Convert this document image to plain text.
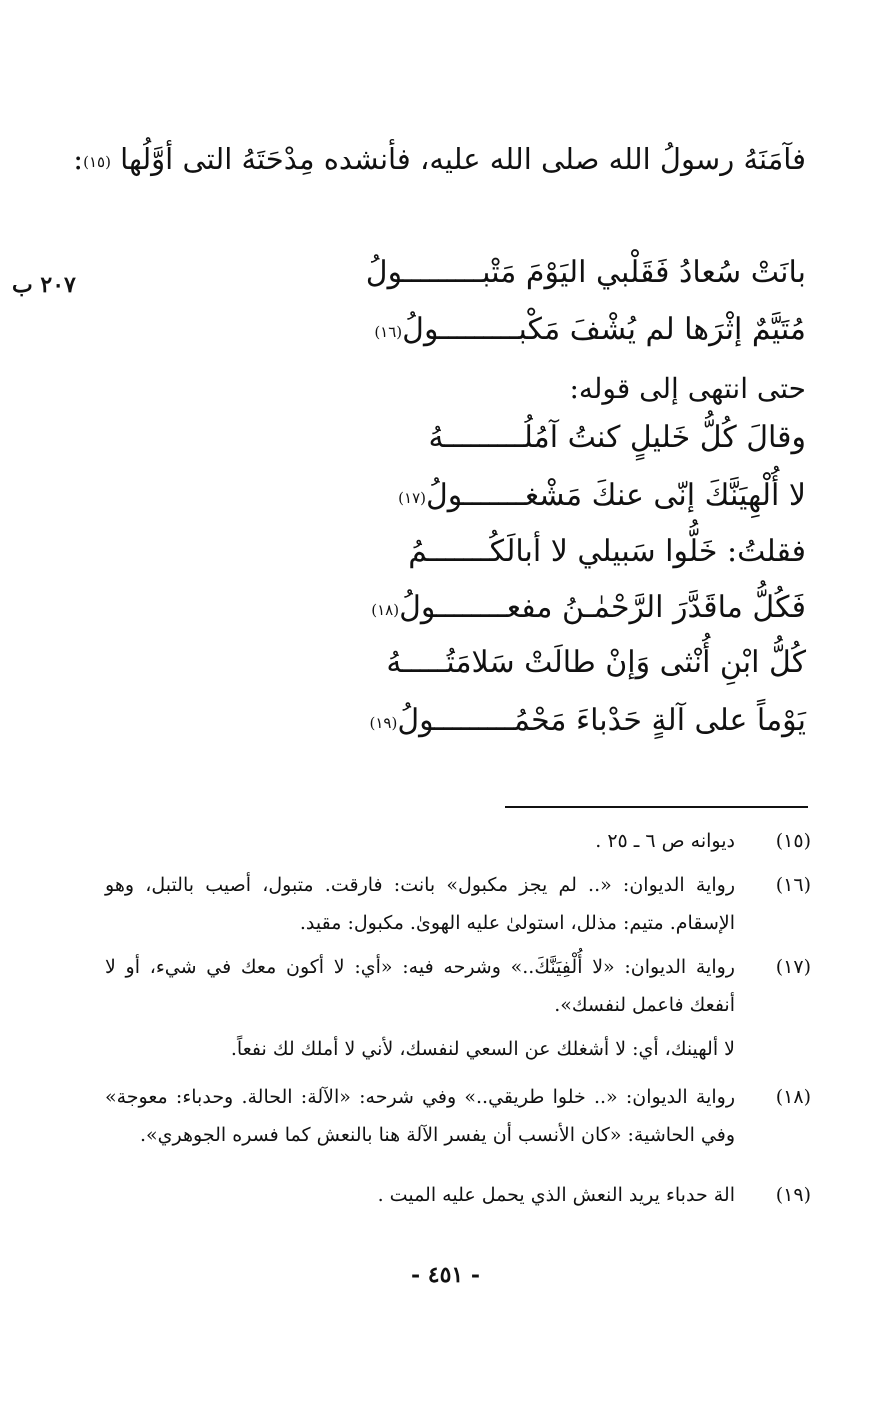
فآمَنَهُ رسولُ الله صلى الله عليه، فأنشده مِدْحَتَهُ التى أوَّلُها (١٥):
٢٠٧ ب	بانَتْ سُعادُ فَقَلْبي اليَوْمَ مَتْبـــــــــولُ
مُتَيَّمٌ إثْرَها لم يُشْفَ مَكْبـــــــــولُ(١٦)
حتى انتهى إلى قوله:
وقالَ كُلُّ خَليلٍ كنتُ آمُلُـــــــــهُ
لا أُلْهِيَنَّكَ إنّى عنكَ مَشْغـــــــولُ(١٧)
فقلتُ: خَلُّوا سَبيلي لا أبالَكُـــــــمُ
فَكُلُّ ماقَدَّرَ الرَّحْمٰـنُ مفعــــــــولُ(١٨)
كُلُّ ابْنِ أُنْثى وَإنْ طالَتْ سَلامَتُـــــهُ
يَوْماً على آلةٍ حَدْباءَ مَحْمُـــــــــولُ(١٩)
(١٥)

ديوانه ص ٦ ـ ٢٥ .

(١٦)

رواية الديوان: «.. لم يجز مكبول» بانت: فارقت. متبول، أصيب بالتبل، وهو الإسقام. متيم: مذلل، استولىٰ عليه الهوىٰ. مكبول: مقيد.

(١٧)

رواية الديوان: «لا أُلْفِيَنَّكَ..» وشرحه فيه: «أي: لا أكون معك في شيء، أو لا أنفعك فاعمل لنفسك».

لا ألهينك، أي: لا أشغلك عن السعي لنفسك، لأني لا أملك لك نفعاً.

(١٨)

رواية الديوان: «.. خلوا طريقي..» وفي شرحه: «الآلة: الحالة. وحدباء: معوجة» وفي الحاشية: «كان الأنسب أن يفسر الآلة هنا بالنعش كما فسره الجوهري».

(١٩)

الة حدباء يريد النعش الذي يحمل عليه الميت .

- ٤٥١ -
